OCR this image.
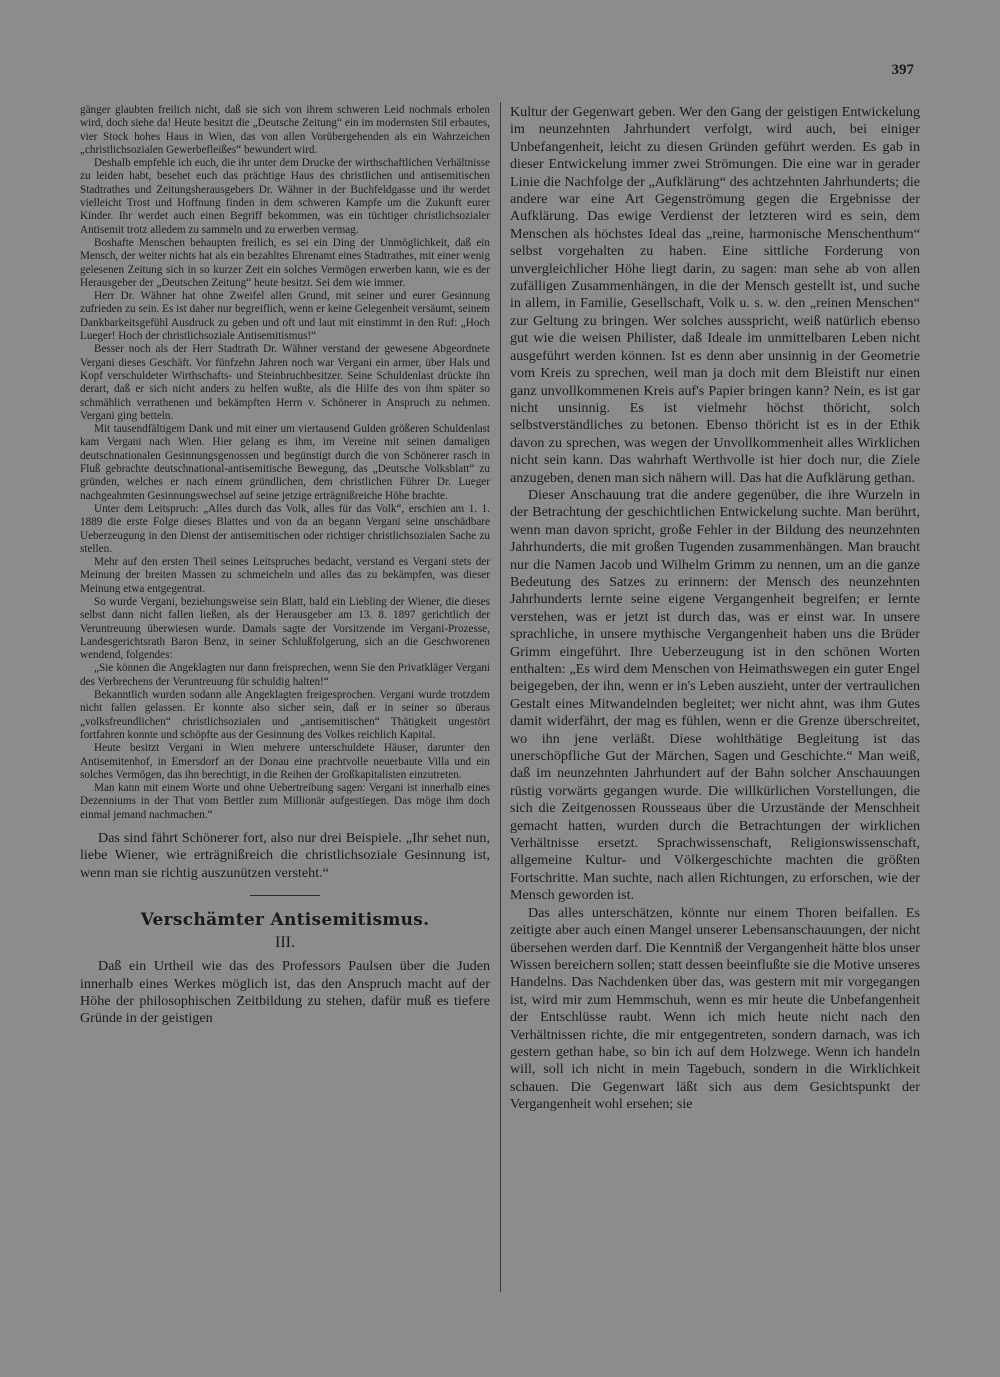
397

gänger glaubten freilich nicht, daß sie sich von ihrem schweren Leid nochmals erholen wird, doch siehe da! Heute besitzt die „Deutsche Zeitung“ ein im modernsten Stil erbautes, vier Stock hohes Haus in Wien, das von allen Vorübergehenden als ein Wahrzeichen „christlichsozialen Gewerbefleißes“ bewundert wird.

Deshalb empfehle ich euch, die ihr unter dem Drucke der wirthschaftlichen Verhältnisse zu leiden habt, besehet euch das prächtige Haus des christlichen und antisemitischen Stadtrathes und Zeitungsherausgebers Dr. Wähner in der Buchfeldgasse und ihr werdet vielleicht Trost und Hoffnung finden in dem schweren Kampfe um die Zukunft eurer Kinder. Ihr werdet auch einen Begriff bekommen, was ein tüchtiger christlichsozialer Antisemit trotz alledem zu sammeln und zu erwerben vermag.

Boshafte Menschen behaupten freilich, es sei ein Ding der Unmöglichkeit, daß ein Mensch, der weiter nichts hat als ein bezahltes Ehrenamt eines Stadtrathes, mit einer wenig gelesenen Zeitung sich in so kurzer Zeit ein solches Vermögen erwerben kann, wie es der Herausgeber der „Deutschen Zeitung“ heute besitzt. Sei dem wie immer.

Herr Dr. Wähner hat ohne Zweifel allen Grund, mit seiner und eurer Gesinnung zufrieden zu sein. Es ist daher nur begreiflich, wenn er keine Gelegenheit versäumt, seinem Dankbarkeitsgefühl Ausdruck zu geben und oft und laut mit einstimmt in den Ruf: „Hoch Lueger! Hoch der christlichsoziale Antisemitismus!“

Besser noch als der Herr Stadtrath Dr. Wähner verstand der gewesene Abgeordnete Vergani dieses Geschäft. Vor fünfzehn Jahren noch war Vergani ein armer, über Hals und Kopf verschuldeter Wirthschafts- und Steinbruchbesitzer. Seine Schuldenlast drückte ihn derart, daß er sich nicht anders zu helfen wußte, als die Hilfe des von ihm später so schmählich verrathenen und bekämpften Herrn v. Schönerer in Anspruch zu nehmen. Vergani ging betteln.

Mit tausendfältigem Dank und mit einer um viertausend Gulden größeren Schuldenlast kam Vergani nach Wien. Hier gelang es ihm, im Vereine mit seinen damaligen deutschnationalen Gesinnungsgenossen und begünstigt durch die von Schönerer rasch in Fluß gebrachte deutschnational-antisemitische Bewegung, das „Deutsche Volksblatt“ zu gründen, welches er nach einem gründlichen, dem christlichen Führer Dr. Lueger nachgeahmten Gesinnungswechsel auf seine jetzige erträgnißreiche Höhe brachte.

Unter dem Leitspruch: „Alles durch das Volk, alles für das Volk“, erschien am 1. 1. 1889 die erste Folge dieses Blattes und von da an begann Vergani seine unschädbare Ueberzeugung in den Dienst der antisemitischen oder richtiger christlichsozialen Sache zu stellen.

Mehr auf den ersten Theil seines Leitspruches bedacht, verstand es Vergani stets der Meinung der breiten Massen zu schmeicheln und alles das zu bekämpfen, was dieser Meinung etwa entgegentrat.

So wurde Vergani, beziehungsweise sein Blatt, bald ein Liebling der Wiener, die dieses selbst dann nicht fallen ließen, als der Herausgeber am 13. 8. 1897 gerichtlich der Veruntreuung überwiesen wurde. Damals sagte der Vorsitzende im Vergani-Prozesse, Landesgerichtsrath Baron Benz, in seiner Schlußfolgerung, sich an die Geschworenen wendend, folgendes:

„Sie können die Angeklagten nur dann freisprechen, wenn Sie den Privatkläger Vergani des Verbrechens der Veruntreuung für schuldig halten!“

Bekanntlich wurden sodann alle Angeklagten freigesprochen. Vergani wurde trotzdem nicht fallen gelassen. Er konnte also sicher sein, daß er in seiner so überaus „volksfreundlichen“ christlichsozialen und „antisemitischen“ Thätigkeit ungestört fortfahren konnte und schöpfte aus der Gesinnung des Volkes reichlich Kapital.

Heute besitzt Vergani in Wien mehrere unterschuldete Häuser, darunter den Antisemitenhof, in Emersdorf an der Donau eine prachtvolle neuerbaute Villa und ein solches Vermögen, das ihn berechtigt, in die Reihen der Großkapitalisten einzutreten.

Man kann mit einem Worte und ohne Uebertreibung sagen: Vergani ist innerhalb eines Dezenniums in der That vom Bettler zum Millionär aufgestiegen. Das möge ihm doch einmal jemand nachmachen.“

Das sind fährt Schönerer fort, also nur drei Beispiele. „Ihr sehet nun, liebe Wiener, wie erträgnißreich die christlichsoziale Gesinnung ist, wenn man sie richtig auszunützen versteht.“

Verschämter Antisemitismus.
III.

Daß ein Urtheil wie das des Professors Paulsen über die Juden innerhalb eines Werkes möglich ist, das den Anspruch macht auf der Höhe der philosophischen Zeitbildung zu stehen, dafür muß es tiefere Gründe in der geistigen

Kultur der Gegenwart geben. Wer den Gang der geistigen Entwickelung im neunzehnten Jahrhundert verfolgt, wird auch, bei einiger Unbefangenheit, leicht zu diesen Gründen geführt werden. Es gab in dieser Entwickelung immer zwei Strömungen. Die eine war in gerader Linie die Nachfolge der „Aufklärung“ des achtzehnten Jahrhunderts; die andere war eine Art Gegenströmung gegen die Ergebnisse der Aufklärung. Das ewige Verdienst der letzteren wird es sein, dem Menschen als höchstes Ideal das „reine, harmonische Menschenthum“ selbst vorgehalten zu haben. Eine sittliche Forderung von unvergleichlicher Höhe liegt darin, zu sagen: man sehe ab von allen zufälligen Zusammenhängen, in die der Mensch gestellt ist, und suche in allem, in Familie, Gesellschaft, Volk u. s. w. den „reinen Menschen“ zur Geltung zu bringen. Wer solches ausspricht, weiß natürlich ebenso gut wie die weisen Philister, daß Ideale im unmittelbaren Leben nicht ausgeführt werden können. Ist es denn aber unsinnig in der Geometrie vom Kreis zu sprechen, weil man ja doch mit dem Bleistift nur einen ganz unvollkommenen Kreis auf's Papier bringen kann? Nein, es ist gar nicht unsinnig. Es ist vielmehr höchst thöricht, solch selbstverständliches zu betonen. Ebenso thöricht ist es in der Ethik davon zu sprechen, was wegen der Unvollkommenheit alles Wirklichen nicht sein kann. Das wahrhaft Werthvolle ist hier doch nur, die Ziele anzugeben, denen man sich nähern will. Das hat die Aufklärung gethan.

Dieser Anschauung trat die andere gegenüber, die ihre Wurzeln in der Betrachtung der geschichtlichen Entwickelung suchte. Man berührt, wenn man davon spricht, große Fehler in der Bildung des neunzehnten Jahrhunderts, die mit großen Tugenden zusammenhängen. Man braucht nur die Namen Jacob und Wilhelm Grimm zu nennen, um an die ganze Bedeutung des Satzes zu erinnern: der Mensch des neunzehnten Jahrhunderts lernte seine eigene Vergangenheit begreifen; er lernte verstehen, was er jetzt ist durch das, was er einst war. In unsere sprachliche, in unsere mythische Vergangenheit haben uns die Brüder Grimm eingeführt. Ihre Ueberzeugung ist in den schönen Worten enthalten: „Es wird dem Menschen von Heimathswegen ein guter Engel beigegeben, der ihn, wenn er in's Leben auszieht, unter der vertraulichen Gestalt eines Mitwandelnden begleitet; wer nicht ahnt, was ihm Gutes damit widerfährt, der mag es fühlen, wenn er die Grenze überschreitet, wo ihn jene verläßt. Diese wohlthätige Begleitung ist das unerschöpfliche Gut der Märchen, Sagen und Geschichte.“ Man weiß, daß im neunzehnten Jahrhundert auf der Bahn solcher Anschauungen rüstig vorwärts gegangen wurde. Die willkürlichen Vorstellungen, die sich die Zeitgenossen Rousseaus über die Urzustände der Menschheit gemacht hatten, wurden durch die Betrachtungen der wirklichen Verhältnisse ersetzt. Sprachwissenschaft, Religionswissenschaft, allgemeine Kultur- und Völkergeschichte machten die größten Fortschritte. Man suchte, nach allen Richtungen, zu erforschen, wie der Mensch geworden ist.

Das alles unterschätzen, könnte nur einem Thoren beifallen. Es zeitigte aber auch einen Mangel unserer Lebensanschauungen, der nicht übersehen werden darf. Die Kenntniß der Vergangenheit hätte blos unser Wissen bereichern sollen; statt dessen beeinflußte sie die Motive unseres Handelns. Das Nachdenken über das, was gestern mit mir vorgegangen ist, wird mir zum Hemmschuh, wenn es mir heute die Unbefangenheit der Entschlüsse raubt. Wenn ich mich heute nicht nach den Verhältnissen richte, die mir entgegentreten, sondern darnach, was ich gestern gethan habe, so bin ich auf dem Holzwege. Wenn ich handeln will, soll ich nicht in mein Tagebuch, sondern in die Wirklichkeit schauen. Die Gegenwart läßt sich aus dem Gesichtspunkt der Vergangenheit wohl ersehen; sie
